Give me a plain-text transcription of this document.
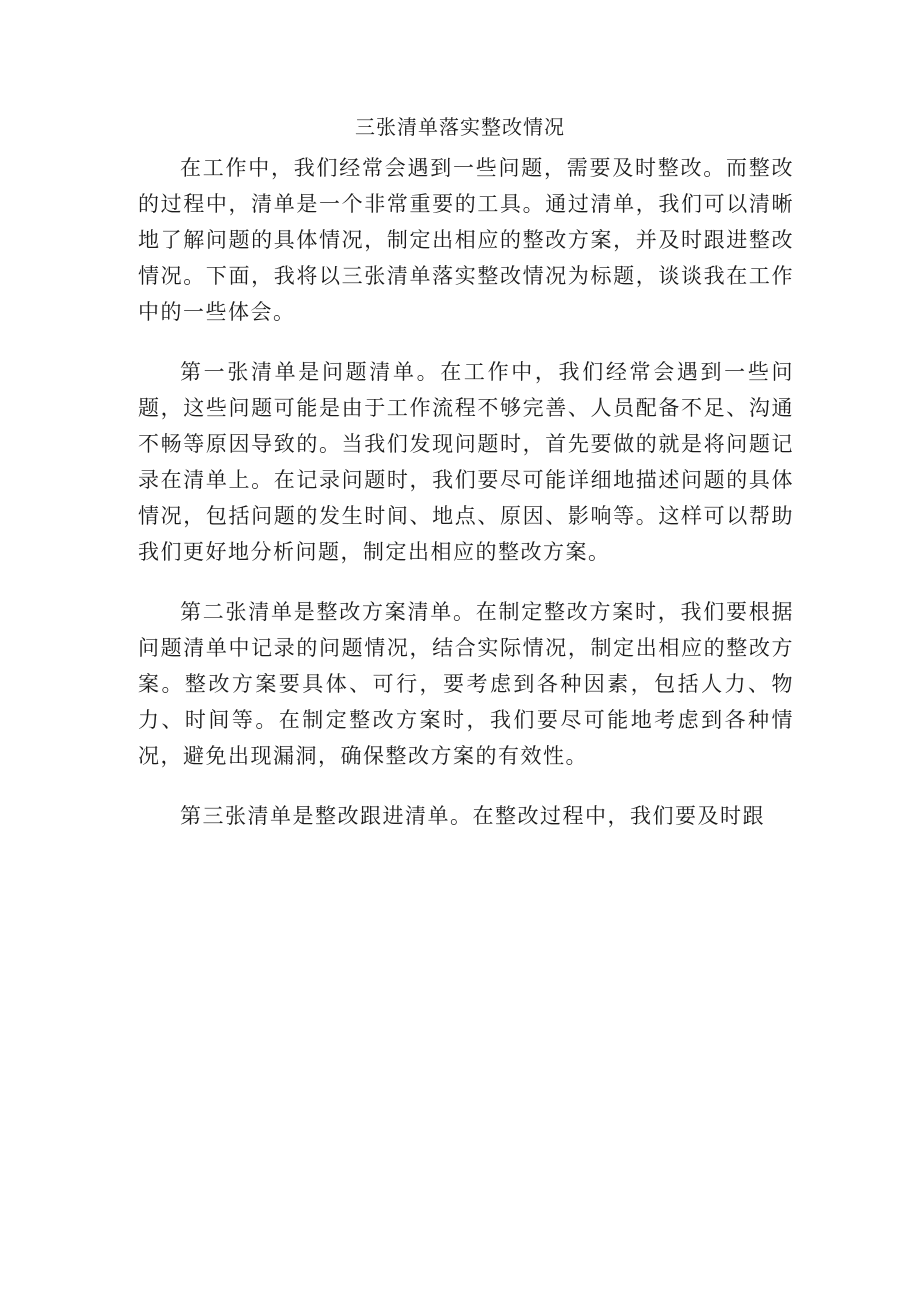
三张清单落实整改情况

在工作中，我们经常会遇到一些问题，需要及时整改。而整改的过程中，清单是一个非常重要的工具。通过清单，我们可以清晰地了解问题的具体情况，制定出相应的整改方案，并及时跟进整改情况。下面，我将以三张清单落实整改情况为标题，谈谈我在工作中的一些体会。

第一张清单是问题清单。在工作中，我们经常会遇到一些问题，这些问题可能是由于工作流程不够完善、人员配备不足、沟通不畅等原因导致的。当我们发现问题时，首先要做的就是将问题记录在清单上。在记录问题时，我们要尽可能详细地描述问题的具体情况，包括问题的发生时间、地点、原因、影响等。这样可以帮助我们更好地分析问题，制定出相应的整改方案。

第二张清单是整改方案清单。在制定整改方案时，我们要根据问题清单中记录的问题情况，结合实际情况，制定出相应的整改方案。整改方案要具体、可行，要考虑到各种因素，包括人力、物力、时间等。在制定整改方案时，我们要尽可能地考虑到各种情况，避免出现漏洞，确保整改方案的有效性。

第三张清单是整改跟进清单。在整改过程中，我们要及时跟
